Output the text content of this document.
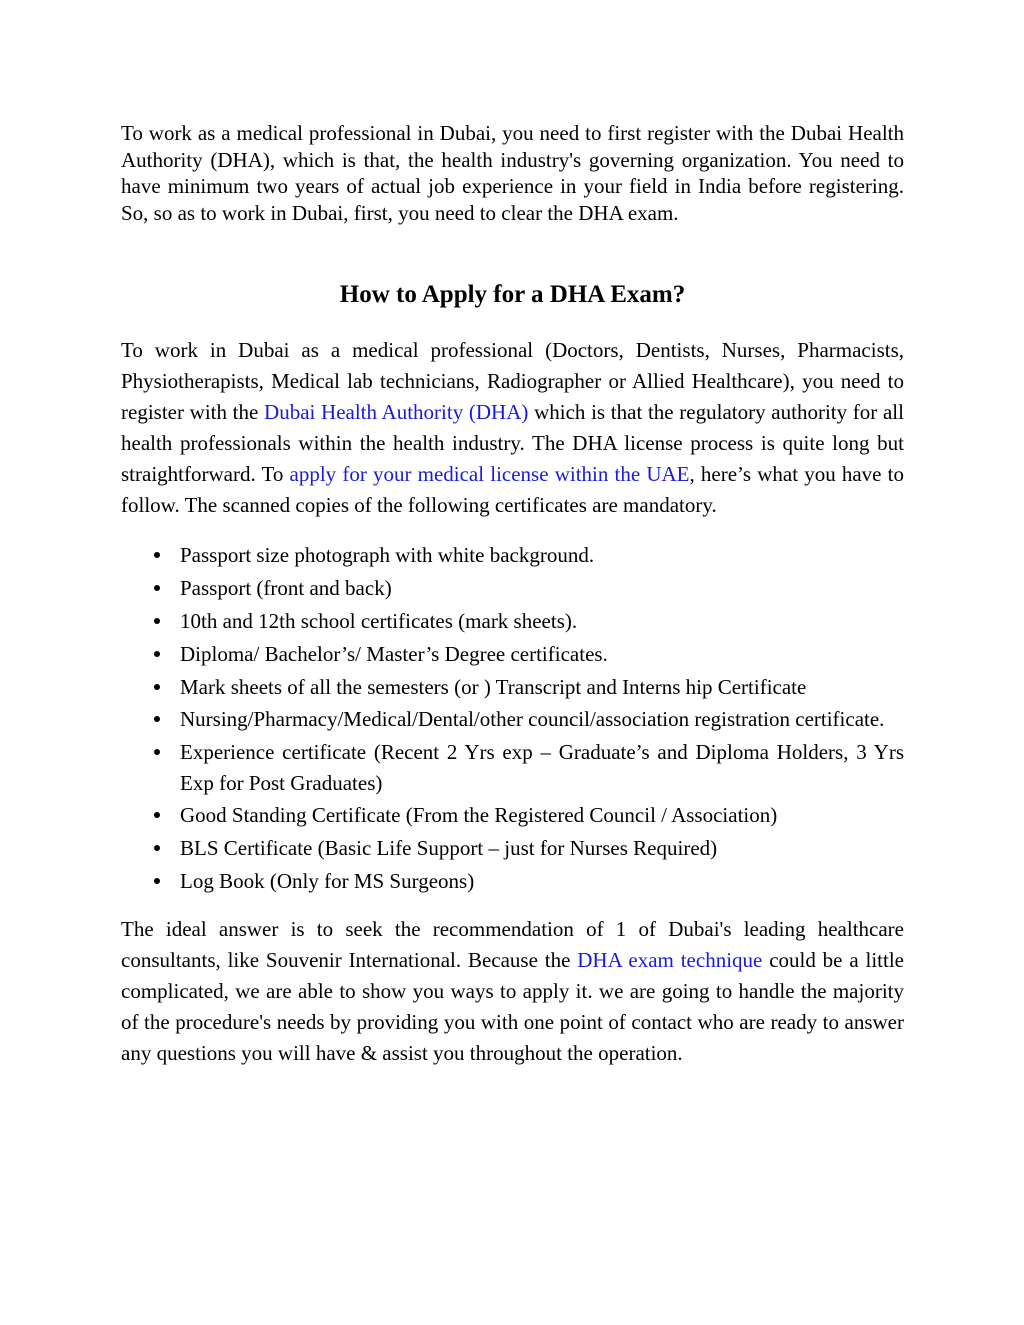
To work as a medical professional in Dubai, you need to first register with the Dubai Health Authority (DHA), which is that, the health industry's governing organization. You need to have minimum two years of actual job experience in your field in India before registering. So, so as to work in Dubai, first, you need to clear the DHA exam.

How to Apply for a DHA Exam?

To work in Dubai as a medical professional (Doctors, Dentists, Nurses, Pharmacists, Physiotherapists, Medical lab technicians, Radiographer or Allied Healthcare), you need to register with the Dubai Health Authority (DHA) which is that the regulatory authority for all health professionals within the health industry. The DHA license process is quite long but straightforward. To apply for your medical license within the UAE, here’s what you have to follow. The scanned copies of the following certificates are mandatory.

Passport size photograph with white background.
Passport (front and back)
10th and 12th school certificates (mark sheets).
Diploma/ Bachelor’s/ Master’s Degree certificates.
Mark sheets of all the semesters (or ) Transcript and Interns hip Certificate
Nursing/Pharmacy/Medical/Dental/other council/association registration certificate.
Experience certificate (Recent 2 Yrs exp – Graduate’s and Diploma Holders, 3 Yrs Exp for Post Graduates)
Good Standing Certificate (From the Registered Council / Association)
BLS Certificate (Basic Life Support – just for Nurses Required)
Log Book (Only for MS Surgeons)

The ideal answer is to seek the recommendation of 1 of Dubai's leading healthcare consultants, like Souvenir International. Because the DHA exam technique could be a little complicated, we are able to show you ways to apply it. we are going to handle the majority of the procedure's needs by providing you with one point of contact who are ready to answer any questions you will have & assist you throughout the operation.
